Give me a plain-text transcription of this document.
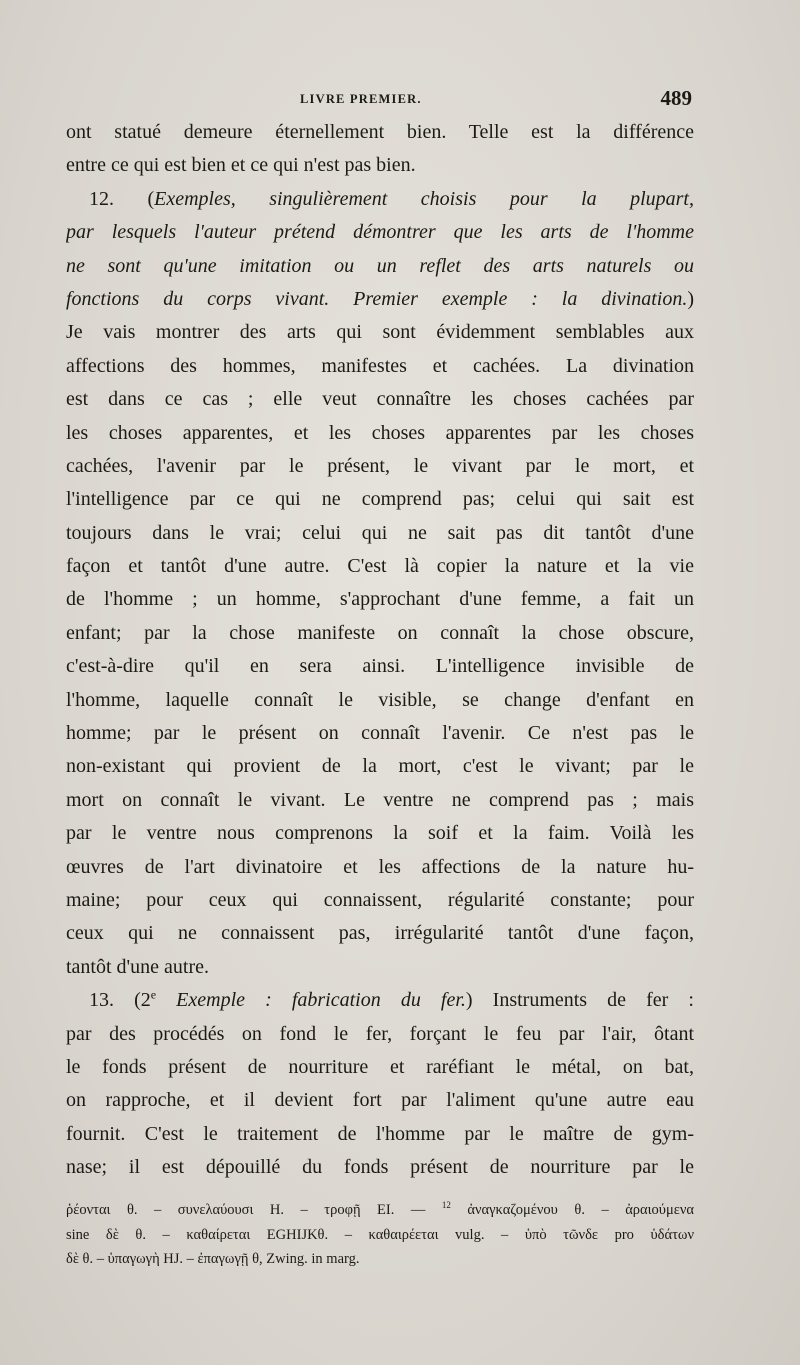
LIVRE PREMIER.	489
ont statué demeure éternellement bien. Telle est la différence
entre ce qui est bien et ce qui n'est pas bien.
12. (Exemples, singulièrement choisis pour la plupart,
par lesquels l'auteur prétend démontrer que les arts de l'homme
ne sont qu'une imitation ou un reflet des arts naturels ou
fonctions du corps vivant. Premier exemple : la divination.)
Je vais montrer des arts qui sont évidemment semblables aux
affections des hommes, manifestes et cachées. La divination
est dans ce cas ; elle veut connaître les choses cachées par
les choses apparentes, et les choses apparentes par les choses
cachées, l'avenir par le présent, le vivant par le mort, et
l'intelligence par ce qui ne comprend pas; celui qui sait est
toujours dans le vrai; celui qui ne sait pas dit tantôt d'une
façon et tantôt d'une autre. C'est là copier la nature et la vie
de l'homme ; un homme, s'approchant d'une femme, a fait un
enfant; par la chose manifeste on connaît la chose obscure,
c'est-à-dire qu'il en sera ainsi. L'intelligence invisible de
l'homme, laquelle connaît le visible, se change d'enfant en
homme; par le présent on connaît l'avenir. Ce n'est pas le
non-existant qui provient de la mort, c'est le vivant; par le
mort on connaît le vivant. Le ventre ne comprend pas ; mais
par le ventre nous comprenons la soif et la faim. Voilà les
œuvres de l'art divinatoire et les affections de la nature hu-
maine; pour ceux qui connaissent, régularité constante; pour
ceux qui ne connaissent pas, irrégularité tantôt d'une façon,
tantôt d'une autre.
13. (2e Exemple : fabrication du fer.) Instruments de fer :
par des procédés on fond le fer, forçant le feu par l'air, ôtant
le fonds présent de nourriture et raréfiant le métal, on bat,
on rapproche, et il devient fort par l'aliment qu'une autre eau
fournit. C'est le traitement de l'homme par le maître de gym-
nase; il est dépouillé du fonds présent de nourriture par le
ῥέονται θ. – συνελαύουσι H. – τροφῇ EI. — $^{12}$ ἀναγκαζομένου θ. – ἀραιούμενα
sine δὲ θ. – καθαίρεται EGHIJKθ. – καθαιρέεται vulg. – ὑπὸ τῶνδε pro ὑδάτων
δὲ θ. – ὑπαγωγὴ HJ. – ἐπαγωγῇ θ, Zwing. in marg.
